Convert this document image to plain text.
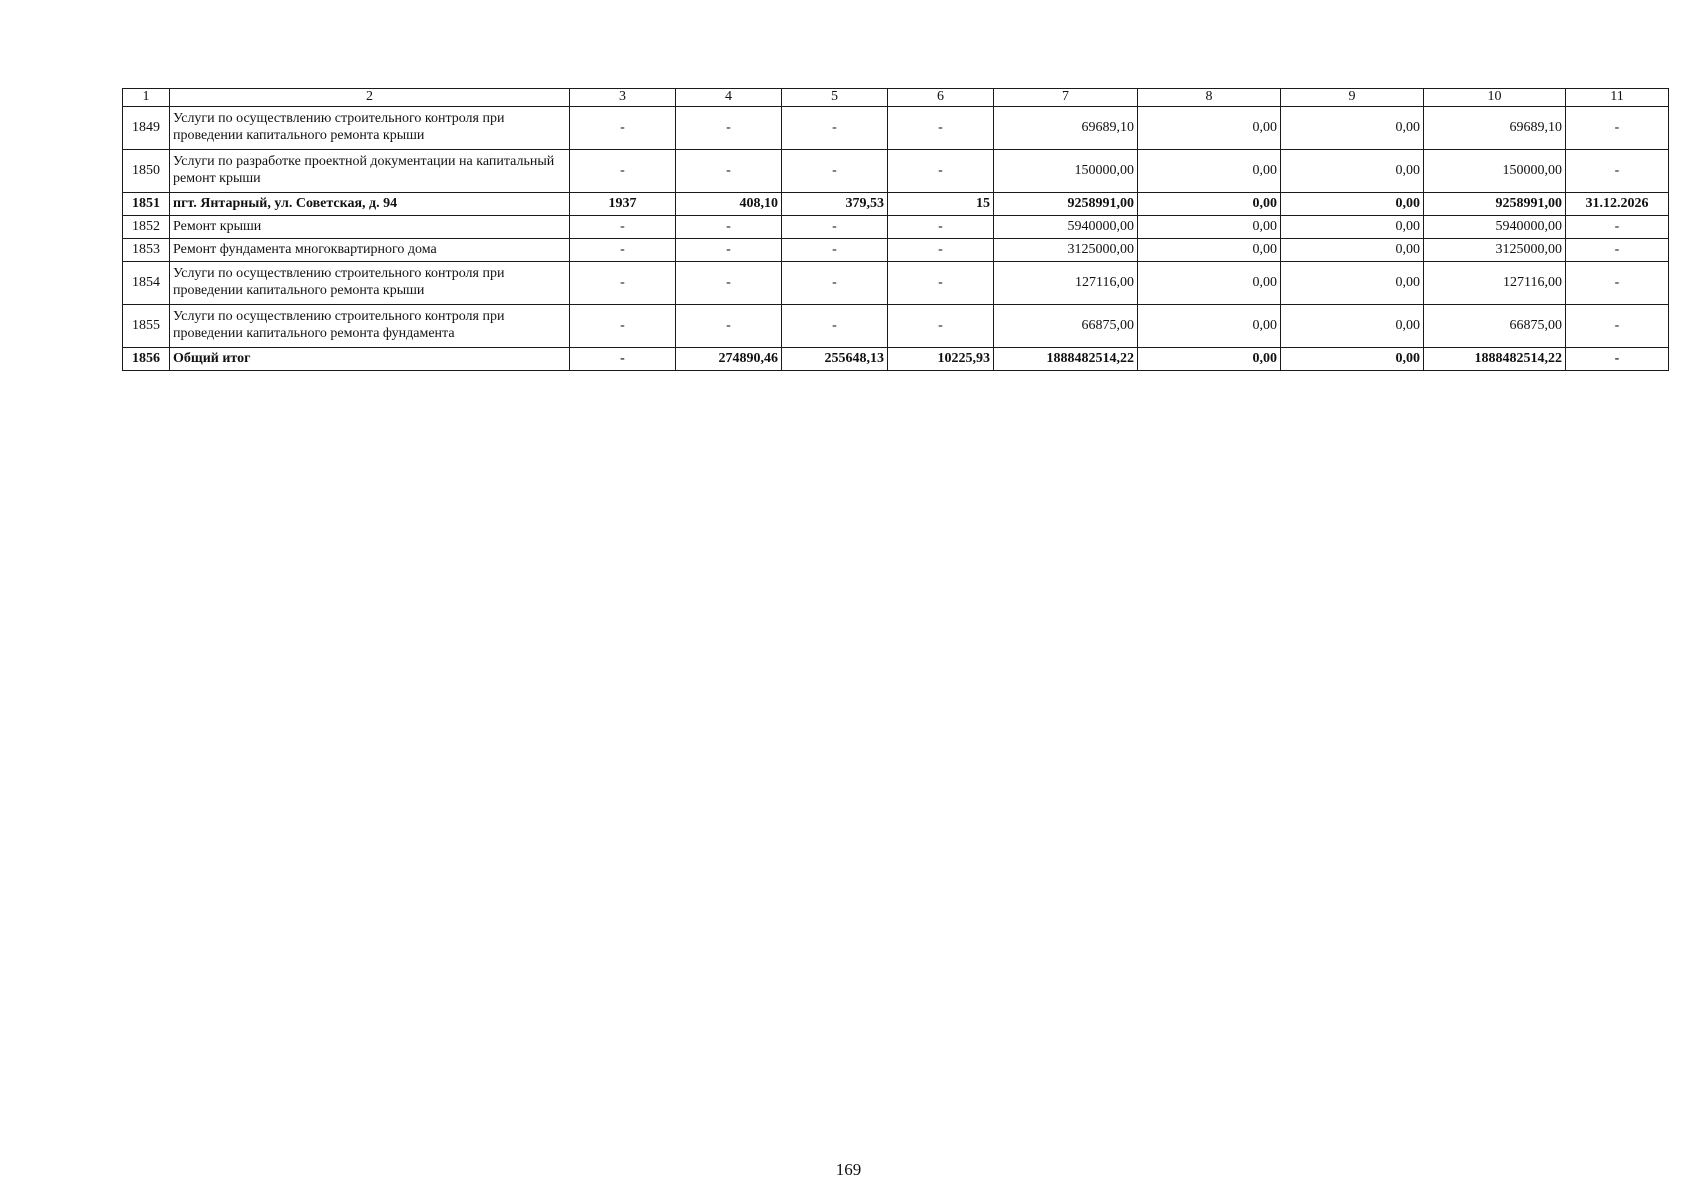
1	2	3	4	5	6	7	8	9	10	11
1849	Услуги по осуществлению строительного контроля при проведении капитального ремонта крыши	-	-	-	-	69689,10	0,00	0,00	69689,10	-
1850	Услуги по разработке проектной документации на капитальный ремонт крыши	-	-	-	-	150000,00	0,00	0,00	150000,00	-
1851	пгт. Янтарный, ул. Советская, д. 94	1937	408,10	379,53	15	9258991,00	0,00	0,00	9258991,00	31.12.2026
1852	Ремонт крыши	-	-	-	-	5940000,00	0,00	0,00	5940000,00	-
1853	Ремонт фундамента многоквартирного дома	-	-	-	-	3125000,00	0,00	0,00	3125000,00	-
1854	Услуги по осуществлению строительного контроля при проведении капитального ремонта крыши	-	-	-	-	127116,00	0,00	0,00	127116,00	-
1855	Услуги по осуществлению строительного контроля при проведении капитального ремонта фундамента	-	-	-	-	66875,00	0,00	0,00	66875,00	-
1856	Общий итог	-	274890,46	255648,13	10225,93	1888482514,22	0,00	0,00	1888482514,22	-
169
